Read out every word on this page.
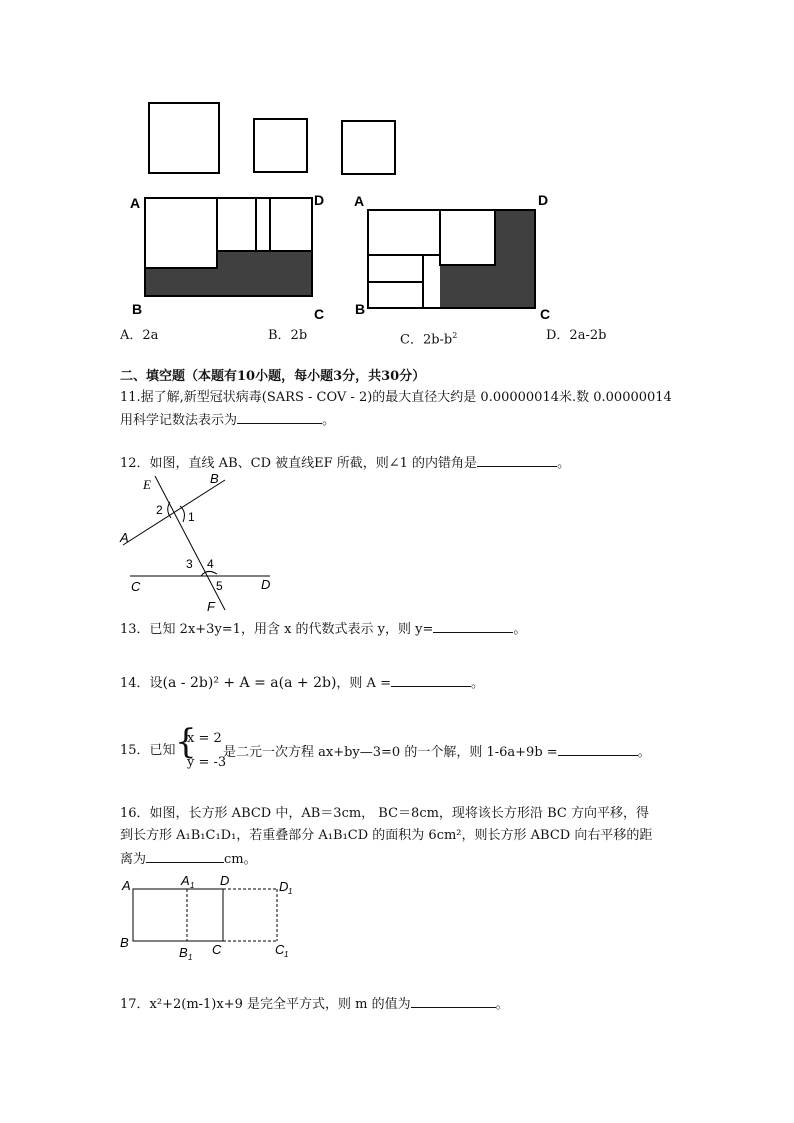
A	D
B	C
A	D
B	C
A．2a	B．2b	C．$2b-b^2$	D．2a-2b
二、填空题（本题有10小题，每小题3分，共30分）
11.据了解,新型冠状病毒(SARS - COV - 2)的最大直径大约是 0.00000014米.数 0.00000014
用科学记数法表示为	。
12．如图，直线 AB、CD 被直线EF 所截，则∠1 的内错角是	。
E	B
A
2 1
3 4
5
C	D
F
13．已知 2x+3y=1，用含 x 的代数式表示 y，则 y=	。
14．设(a - 2b)² + A = a(a + 2b)，则 A =	。
15．已知 {
x = 2
y = -3
是二元一次方程 ax+by—3=0 的一个解，则 1-6a+9b =	。
16．如图，长方形 ABCD 中，AB＝3cm， BC＝8cm，现将该长方形沿 BC 方向平移，得
到长方形 A₁B₁C₁D₁，若重叠部分 A₁B₁CD 的面积为 6cm²，则长方形 ABCD 向右平移的距
离为	cm。
A	A 1 D	D 1
B
B 1
C	C 1
17．x²+2(m-1)x+9 是完全平方式，则 m 的值为	。
